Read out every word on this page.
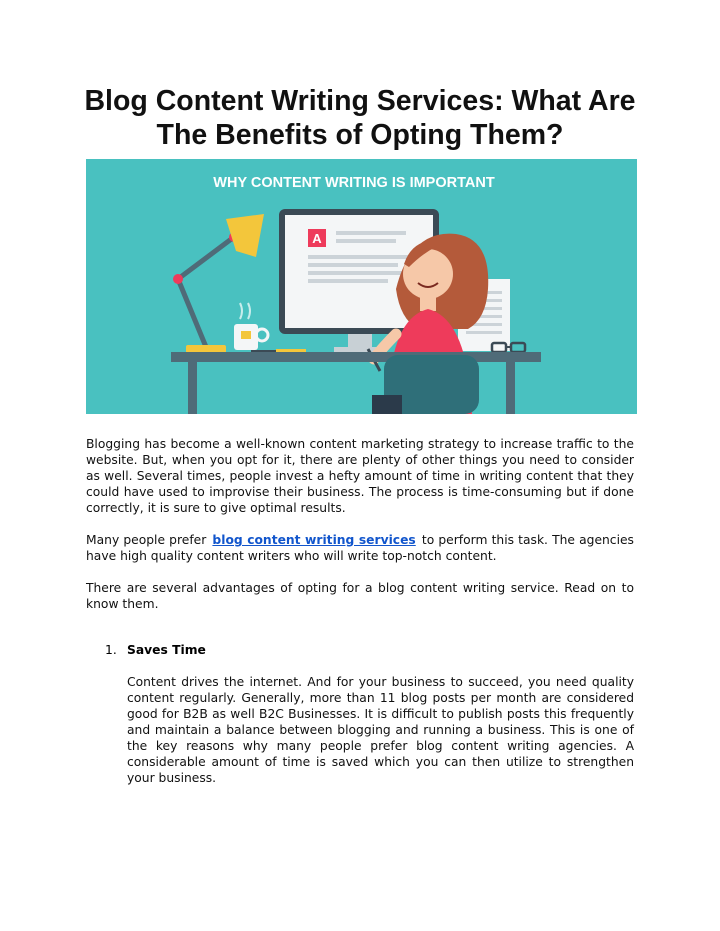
Blog Content Writing Services: What Are The Benefits of Opting Them?
WHY CONTENT WRITING IS IMPORTANT
A

Blogging has become a well-known content marketing strategy to increase traffic to the website. But, when you opt for it, there are plenty of other things you need to consider as well. Several times, people invest a hefty amount of time in writing content that they could have used to improvise their business. The process is time-consuming but if done correctly, it is sure to give optimal results.

Many people prefer blog content writing services to perform this task. The agencies have high quality content writers who will write top-notch content.

There are several advantages of opting for a blog content writing service. Read on to know them.

1. Saves Time

Content drives the internet. And for your business to succeed, you need quality content regularly. Generally, more than 11 blog posts per month are considered good for B2B as well B2C Businesses. It is difficult to publish posts this frequently and maintain a balance between blogging and running a business. This is one of the key reasons why many people prefer blog content writing agencies. A considerable amount of time is saved which you can then utilize to strengthen your business.
